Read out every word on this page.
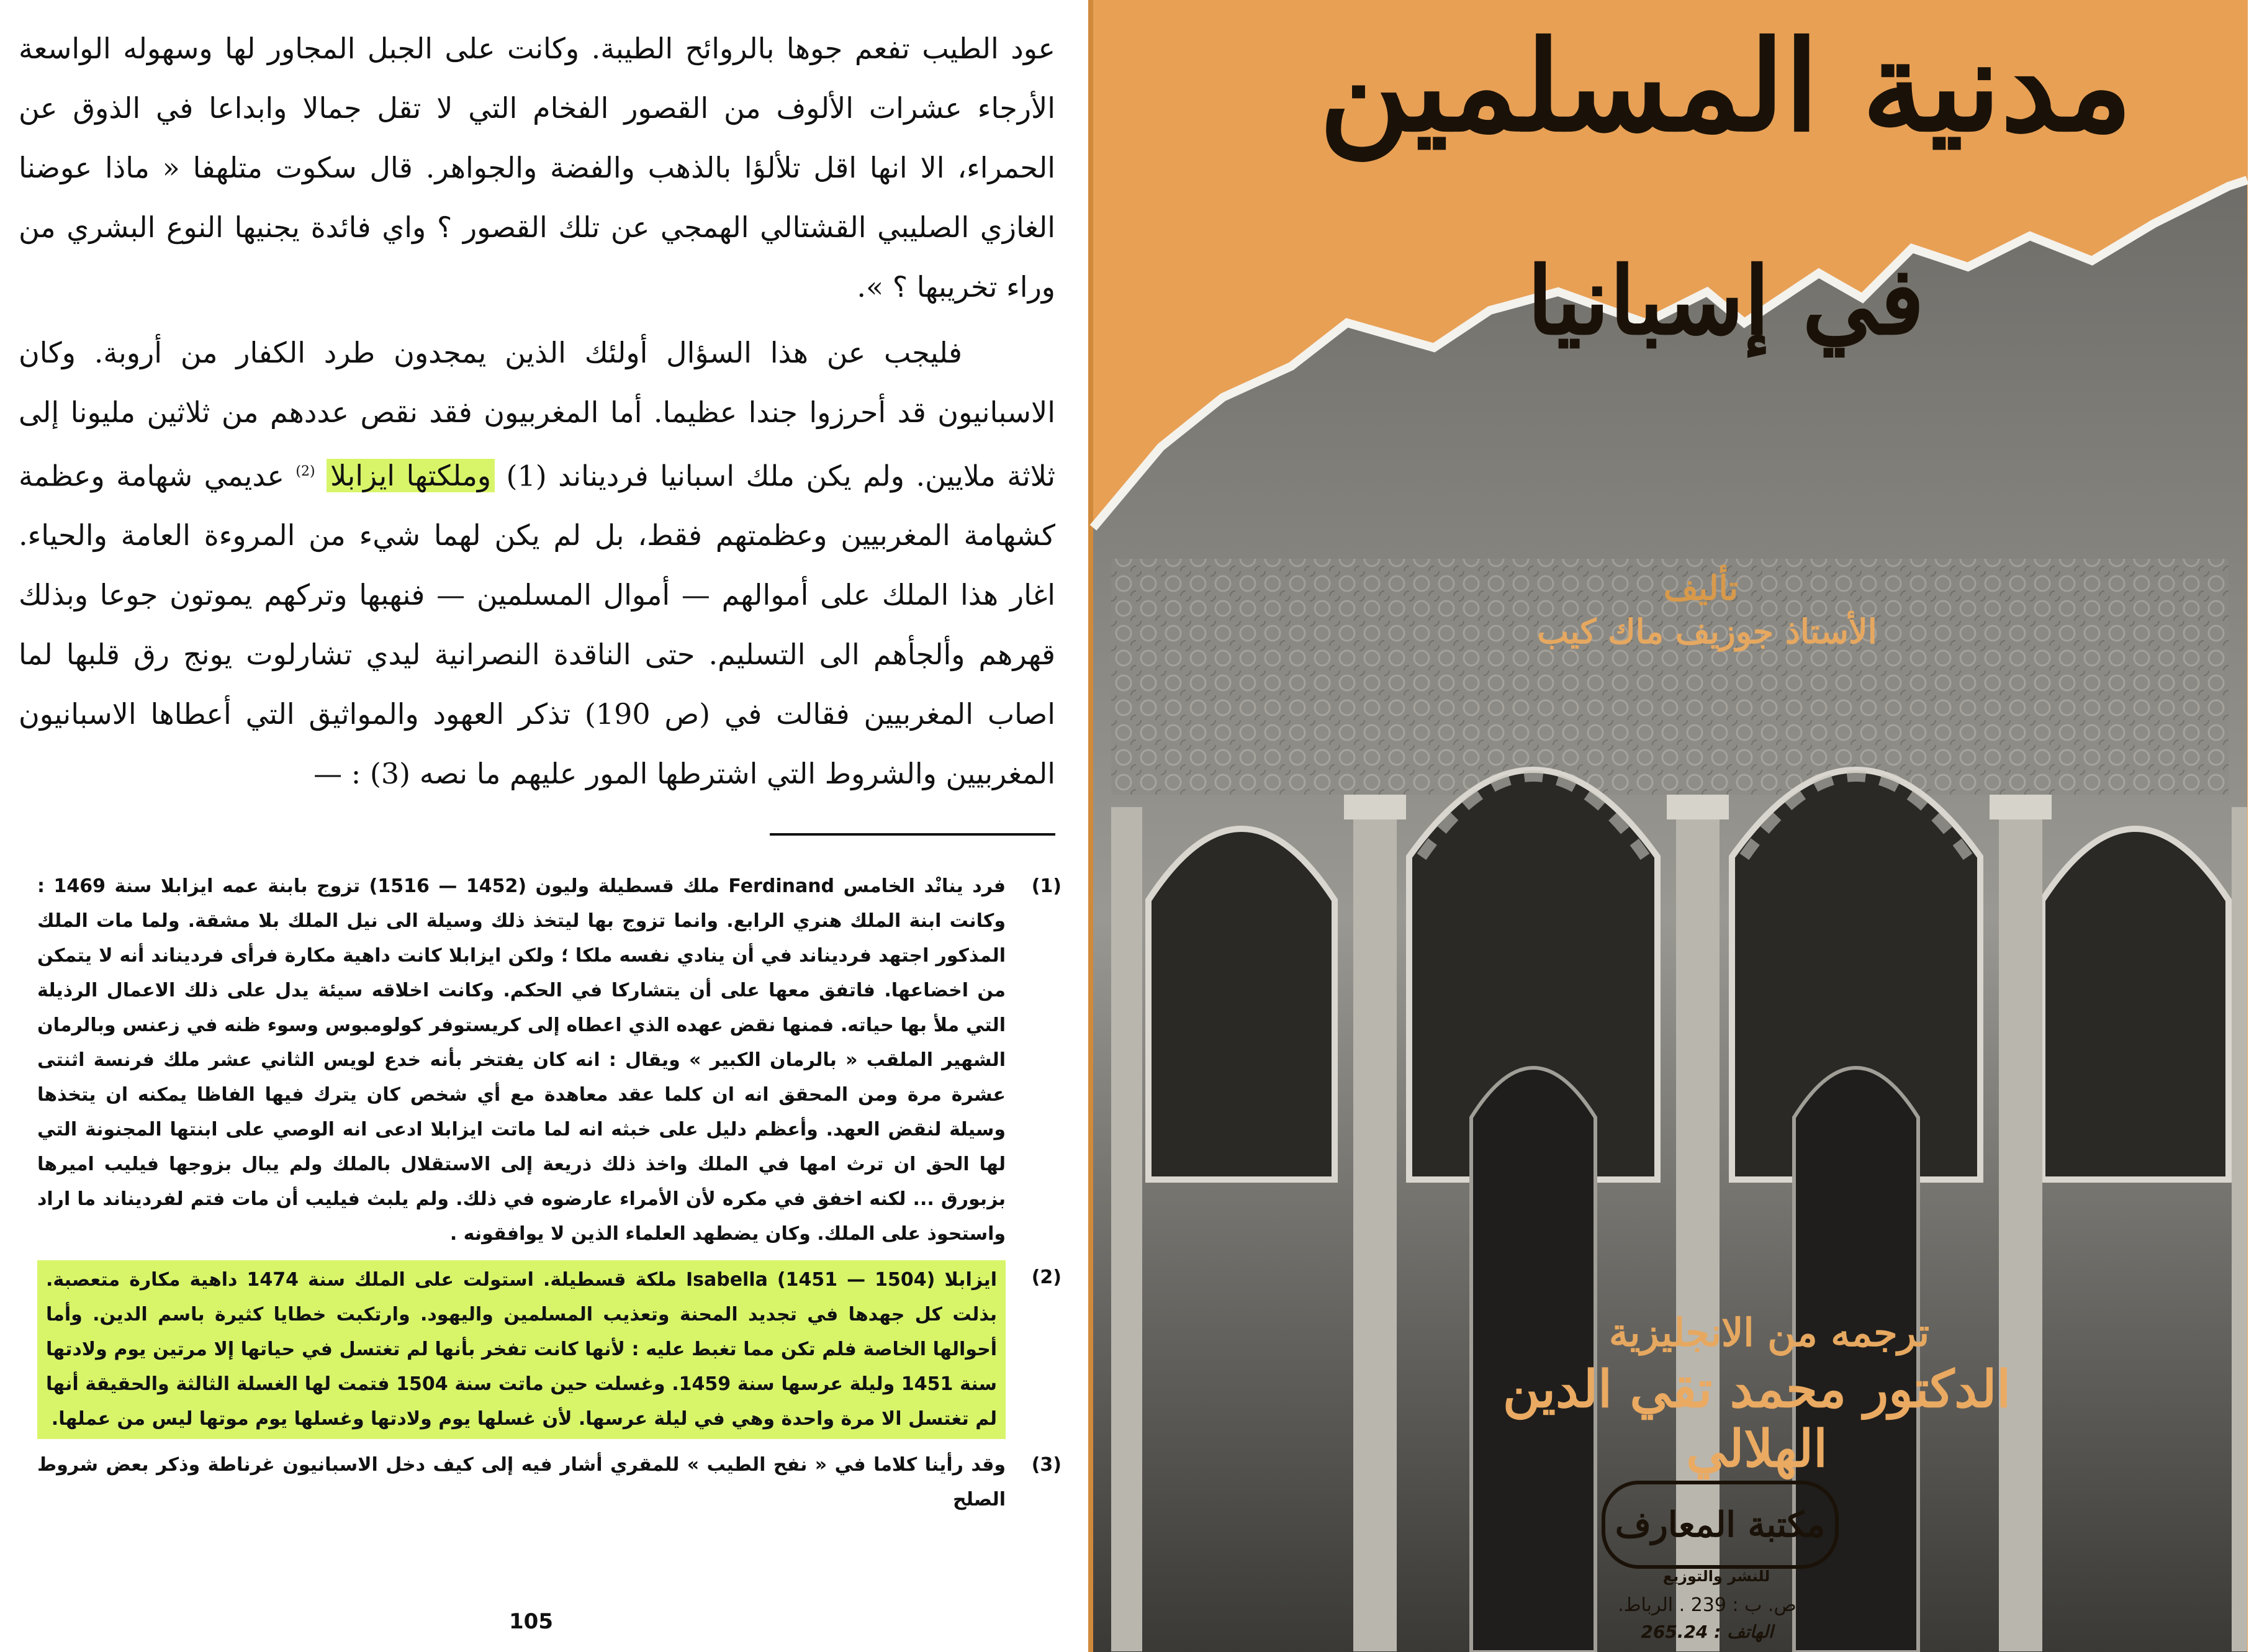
عود الطيب تفعم جوها بالروائح الطيبة. وكانت على الجبل المجاور لها وسهوله الواسعة الأرجاء عشرات الألوف من القصور الفخام التي لا تقل جمالا وابداعا في الذوق عن الحمراء، الا انها اقل تلألؤا بالذهب والفضة والجواهر. قال سكوت متلهفا « ماذا عوضنا الغازي الصليبي القشتالي الهمجي عن تلك القصور ؟ واي فائدة يجنيها النوع البشري من وراء تخريبها ؟ ».

فليجب عن هذا السؤال أولئك الذين يمجدون طرد الكفار من أروبة. وكان الاسبانيون قد أحرزوا جندا عظيما. أما المغربيون فقد نقص عددهم من ثلاثين مليونا إلى ثلاثة ملايين. ولم يكن ملك اسبانيا فرديناند (1) وملكتها ايزابلا $^{(2)}$ عديمي شهامة وعظمة كشهامة المغربيين وعظمتهم فقط، بل لم يكن لهما شيء من المروءة العامة والحياء. اغار هذا الملك على أموالهم — أموال المسلمين — فنهبها وتركهم يموتون جوعا وبذلك قهرهم وألجأهم الى التسليم. حتى الناقدة النصرانية ليدي تشارلوت يونج رق قلبها لما اصاب المغربيين فقالت في (ص 190) تذكر العهود والمواثيق التي أعطاها الاسبانيون المغربيين والشروط التي اشترطها المور عليهم ما نصه (3) : —

(1)
فرد ينانْد الخامس Ferdinand ملك قسطيلة وليون (1452 — 1516) تزوج بابنة عمه ايزابلا سنة 1469 : وكانت ابنة الملك هنري الرابع. وانما تزوج بها ليتخذ ذلك وسيلة الى نيل الملك بلا مشقة. ولما مات الملك المذكور اجتهد فرديناند في أن ينادي نفسه ملكا ؛ ولكن ايزابلا كانت داهية مكارة فرأى فرديناند أنه لا يتمكن من اخضاعها. فاتفق معها على أن يتشاركا في الحكم. وكانت اخلاقه سيئة يدل على ذلك الاعمال الرذيلة التي ملأ بها حياته. فمنها نقض عهده الذي اعطاه إلى كريستوفر كولومبوس وسوء ظنه في زعنس وبالرمان الشهير الملقب « بالرمان الكبير » ويقال : انه كان يفتخر بأنه خدع لويس الثاني عشر ملك فرنسة اثنتى عشرة مرة ومن المحقق انه ان كلما عقد معاهدة مع أي شخص كان يترك فيها الفاظا يمكنه ان يتخذها وسيلة لنقض العهد. وأعظم دليل على خبثه انه لما ماتت ايزابلا ادعى انه الوصي على ابنتها المجنونة التي لها الحق ان ترث امها في الملك واخذ ذلك ذريعة إلى الاستقلال بالملك ولم يبال بزوجها فيليب اميرها بزبورق ... لكنه اخفق في مكره لأن الأمراء عارضوه في ذلك. ولم يلبث فيليب أن مات فتم لفرديناند ما اراد واستحوذ على الملك. وكان يضطهد العلماء الذين لا يوافقونه .
(2)
ايزابلا Isabella (1451 — 1504) ملكة قسطيلة. استولت على الملك سنة 1474 داهية مكارة متعصبة. بذلت كل جهدها في تجديد المحنة وتعذيب المسلمين واليهود. وارتكبت خطايا كثيرة باسم الدين. وأما أحوالها الخاصة فلم تكن مما تغبط عليه : لأنها كانت تفخر بأنها لم تغتسل في حياتها إلا مرتين يوم ولادتها سنة 1451 وليلة عرسها سنة 1459. وغسلت حين ماتت سنة 1504 فتمت لها الغسلة الثالثة والحقيقة أنها لم تغتسل الا مرة واحدة وهي في ليلة عرسها. لأن غسلها يوم ولادتها وغسلها يوم موتها ليس من عملها.
(3)
وقد رأينا كلاما في « نفح الطيب » للمقري أشار فيه إلى كيف دخل الاسبانيون غرناطة وذكر بعض شروط الصلح
105
مدنية المسلمين
في إسبانيا
تأليف
الأستاذ جوزيف ماك كيب
ترجمه من الانجليزية
الدكتور محمد تقي الدين الهلالي
مكتبة المعارف
للنشر والتوزيع
ص. ب : 239 . الرباط.
الهاتف : 265.24
